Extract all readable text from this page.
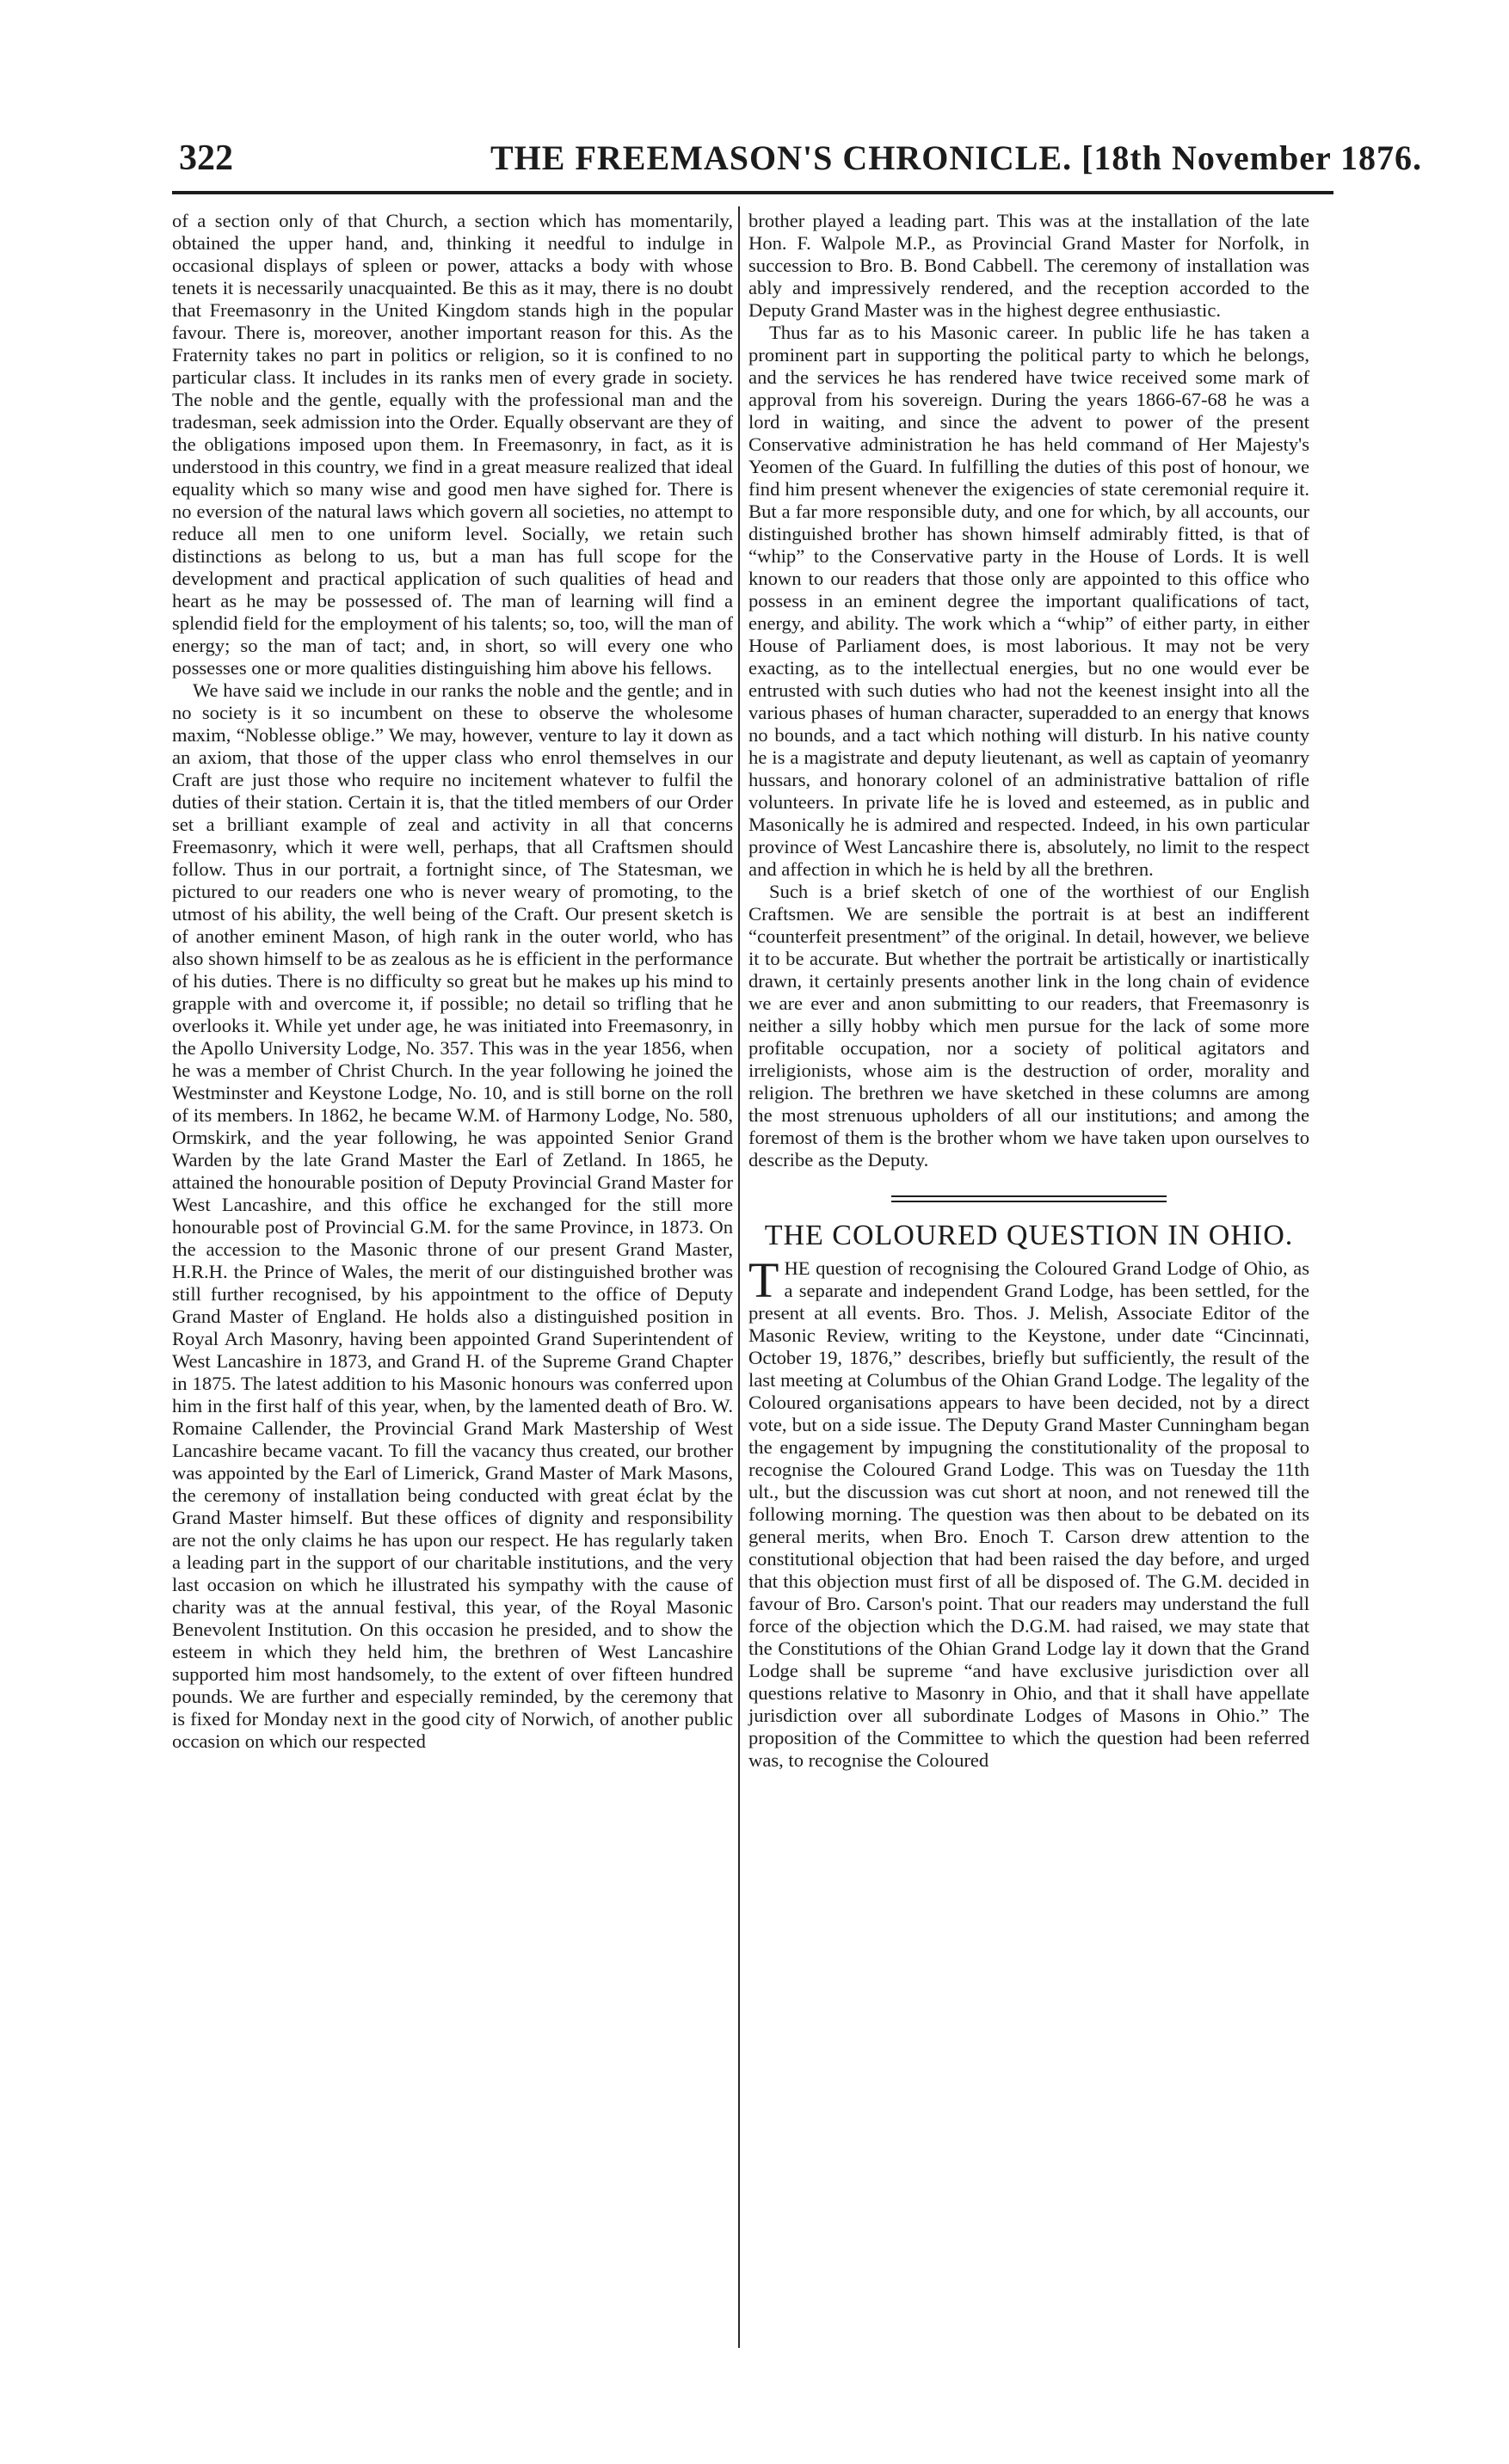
322	THE FREEMASON'S CHRONICLE. [18th November 1876.

of a section only of that Church, a section which has momentarily, obtained the upper hand, and, thinking it needful to indulge in occasional displays of spleen or power, attacks a body with whose tenets it is necessarily unacquainted. Be this as it may, there is no doubt that Freemasonry in the United Kingdom stands high in the popular favour. There is, moreover, another important reason for this. As the Fraternity takes no part in politics or religion, so it is confined to no particular class. It includes in its ranks men of every grade in society. The noble and the gentle, equally with the professional man and the tradesman, seek admission into the Order. Equally observant are they of the obligations imposed upon them. In Freemasonry, in fact, as it is understood in this country, we find in a great measure realized that ideal equality which so many wise and good men have sighed for. There is no eversion of the natural laws which govern all societies, no attempt to reduce all men to one uniform level. Socially, we retain such distinctions as belong to us, but a man has full scope for the development and practical application of such qualities of head and heart as he may be possessed of. The man of learning will find a splendid field for the employment of his talents; so, too, will the man of energy; so the man of tact; and, in short, so will every one who possesses one or more qualities distinguishing him above his fellows.

We have said we include in our ranks the noble and the gentle; and in no society is it so incumbent on these to observe the wholesome maxim, “Noblesse oblige.” We may, however, venture to lay it down as an axiom, that those of the upper class who enrol themselves in our Craft are just those who require no incitement whatever to fulfil the duties of their station. Certain it is, that the titled members of our Order set a brilliant example of zeal and activity in all that concerns Freemasonry, which it were well, perhaps, that all Craftsmen should follow. Thus in our portrait, a fortnight since, of The Statesman, we pictured to our readers one who is never weary of promoting, to the utmost of his ability, the well being of the Craft. Our present sketch is of another eminent Mason, of high rank in the outer world, who has also shown himself to be as zealous as he is efficient in the performance of his duties. There is no difficulty so great but he makes up his mind to grapple with and overcome it, if possible; no detail so trifling that he overlooks it. While yet under age, he was initiated into Freemasonry, in the Apollo University Lodge, No. 357. This was in the year 1856, when he was a member of Christ Church. In the year following he joined the Westminster and Keystone Lodge, No. 10, and is still borne on the roll of its members. In 1862, he became W.M. of Harmony Lodge, No. 580, Ormskirk, and the year following, he was appointed Senior Grand Warden by the late Grand Master the Earl of Zetland. In 1865, he attained the honourable position of Deputy Provincial Grand Master for West Lancashire, and this office he exchanged for the still more honourable post of Provincial G.M. for the same Province, in 1873. On the accession to the Masonic throne of our present Grand Master, H.R.H. the Prince of Wales, the merit of our distinguished brother was still further recognised, by his appointment to the office of Deputy Grand Master of England. He holds also a distinguished position in Royal Arch Masonry, having been appointed Grand Superintendent of West Lancashire in 1873, and Grand H. of the Supreme Grand Chapter in 1875. The latest addition to his Masonic honours was conferred upon him in the first half of this year, when, by the lamented death of Bro. W. Romaine Callender, the Provincial Grand Mark Mastership of West Lancashire became vacant. To fill the vacancy thus created, our brother was appointed by the Earl of Limerick, Grand Master of Mark Masons, the ceremony of installation being conducted with great éclat by the Grand Master himself. But these offices of dignity and responsibility are not the only claims he has upon our respect. He has regularly taken a leading part in the support of our charitable institutions, and the very last occasion on which he illustrated his sympathy with the cause of charity was at the annual festival, this year, of the Royal Masonic Benevolent Institution. On this occasion he presided, and to show the esteem in which they held him, the brethren of West Lancashire supported him most handsomely, to the extent of over fifteen hundred pounds. We are further and especially reminded, by the ceremony that is fixed for Monday next in the good city of Norwich, of another public occasion on which our respected

brother played a leading part. This was at the installation of the late Hon. F. Walpole M.P., as Provincial Grand Master for Norfolk, in succession to Bro. B. Bond Cabbell. The ceremony of installation was ably and impressively rendered, and the reception accorded to the Deputy Grand Master was in the highest degree enthusiastic.

Thus far as to his Masonic career. In public life he has taken a prominent part in supporting the political party to which he belongs, and the services he has rendered have twice received some mark of approval from his sovereign. During the years 1866-67-68 he was a lord in waiting, and since the advent to power of the present Conservative administration he has held command of Her Majesty's Yeomen of the Guard. In fulfilling the duties of this post of honour, we find him present whenever the exigencies of state ceremonial require it. But a far more responsible duty, and one for which, by all accounts, our distinguished brother has shown himself admirably fitted, is that of “whip” to the Conservative party in the House of Lords. It is well known to our readers that those only are appointed to this office who possess in an eminent degree the important qualifications of tact, energy, and ability. The work which a “whip” of either party, in either House of Parliament does, is most laborious. It may not be very exacting, as to the intellectual energies, but no one would ever be entrusted with such duties who had not the keenest insight into all the various phases of human character, superadded to an energy that knows no bounds, and a tact which nothing will disturb. In his native county he is a magistrate and deputy lieutenant, as well as captain of yeomanry hussars, and honorary colonel of an administrative battalion of rifle volunteers. In private life he is loved and esteemed, as in public and Masonically he is admired and respected. Indeed, in his own particular province of West Lancashire there is, absolutely, no limit to the respect and affection in which he is held by all the brethren.

Such is a brief sketch of one of the worthiest of our English Craftsmen. We are sensible the portrait is at best an indifferent “counterfeit presentment” of the original. In detail, however, we believe it to be accurate. But whether the portrait be artistically or inartistically drawn, it certainly presents another link in the long chain of evidence we are ever and anon submitting to our readers, that Freemasonry is neither a silly hobby which men pursue for the lack of some more profitable occupation, nor a society of political agitators and irreligionists, whose aim is the destruction of order, morality and religion. The brethren we have sketched in these columns are among the most strenuous upholders of all our institutions; and among the foremost of them is the brother whom we have taken upon ourselves to describe as the Deputy.

THE COLOURED QUESTION IN OHIO.

THE question of recognising the Coloured Grand Lodge of Ohio, as a separate and independent Grand Lodge, has been settled, for the present at all events. Bro. Thos. J. Melish, Associate Editor of the Masonic Review, writing to the Keystone, under date “Cincinnati, October 19, 1876,” describes, briefly but sufficiently, the result of the last meeting at Columbus of the Ohian Grand Lodge. The legality of the Coloured organisations appears to have been decided, not by a direct vote, but on a side issue. The Deputy Grand Master Cunningham began the engagement by impugning the constitutionality of the proposal to recognise the Coloured Grand Lodge. This was on Tuesday the 11th ult., but the discussion was cut short at noon, and not renewed till the following morning. The question was then about to be debated on its general merits, when Bro. Enoch T. Carson drew attention to the constitutional objection that had been raised the day before, and urged that this objection must first of all be disposed of. The G.M. decided in favour of Bro. Carson's point. That our readers may understand the full force of the objection which the D.G.M. had raised, we may state that the Constitutions of the Ohian Grand Lodge lay it down that the Grand Lodge shall be supreme “and have exclusive jurisdiction over all questions relative to Masonry in Ohio, and that it shall have appellate jurisdiction over all subordinate Lodges of Masons in Ohio.” The proposition of the Committee to which the question had been referred was, to recognise the Coloured
